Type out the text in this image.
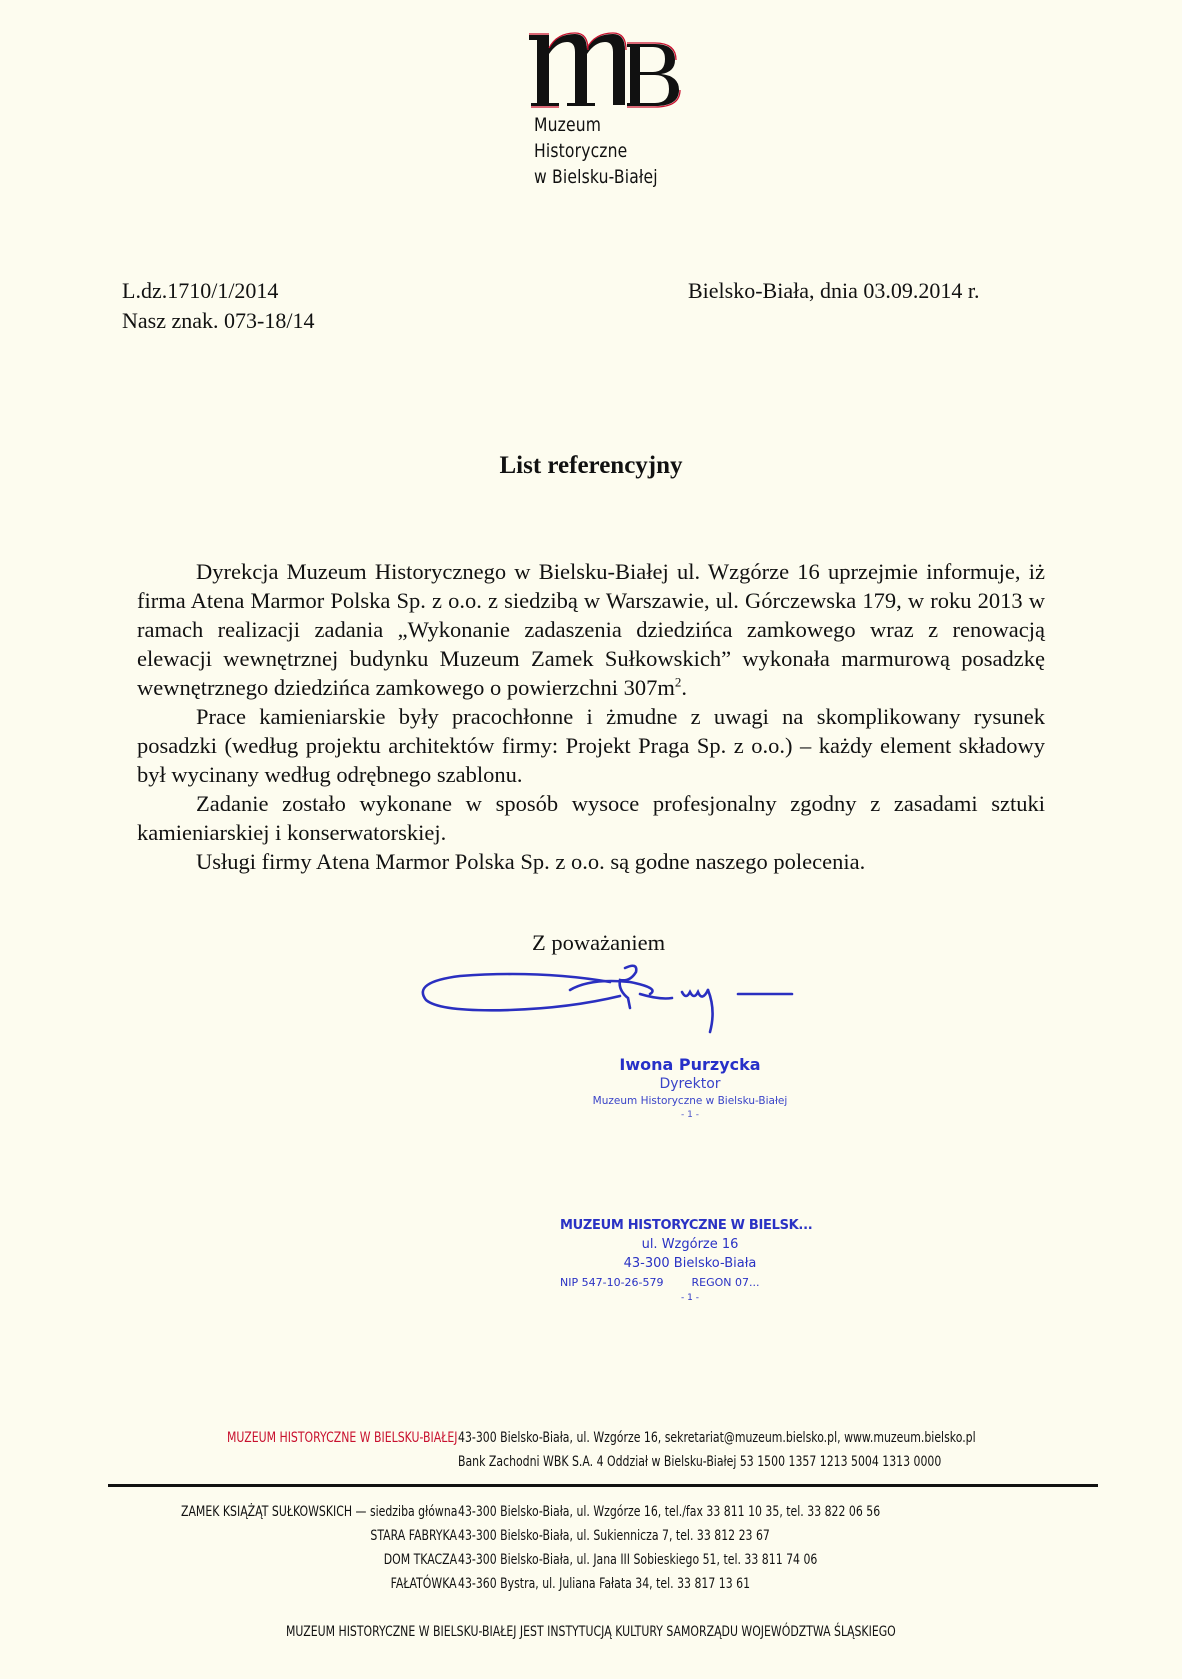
Muzeum
Historyczne
w Bielsku-Białej
L.dz.1710/1/2014
Nasz znak. 073-18/14
Bielsko-Biała, dnia 03.09.2014 r.
List referencyjny

Dyrekcja Muzeum Historycznego w Bielsku-Białej ul. Wzgórze 16 uprzejmie informuje, iż firma Atena Marmor Polska Sp. z o.o. z siedzibą w Warszawie, ul. Górczewska 179, w roku 2013 w ramach realizacji zadania „Wykonanie zadaszenia dziedzińca zamkowego wraz z renowacją elewacji wewnętrznej budynku Muzeum Zamek Sułkowskich” wykonała marmurową posadzkę wewnętrznego dziedzińca zamkowego o powierzchni $307m^2$.

Prace kamieniarskie były pracochłonne i żmudne z uwagi na skomplikowany rysunek posadzki (według projektu architektów firmy: Projekt Praga Sp. z o.o.) – każdy element składowy był wycinany według odrębnego szablonu.

Zadanie zostało wykonane w sposób wysoce profesjonalny zgodny z zasadami sztuki kamieniarskiej i konserwatorskiej.

Usługi firmy Atena Marmor Polska Sp. z o.o. są godne naszego polecenia.

Z poważaniem
Iwona Purzycka
Dyrektor
Muzeum Historyczne w Bielsku-Białej
- 1 -
MUZEUM HISTORYCZNE W BIELSK...
ul. Wzgórze 16
43-300 Bielsko-Biała
NIP 547-10-26-579	REGON 07...
- 1 -
MUZEUM HISTORYCZNE W BIELSKU-BIAŁEJ 43-300 Bielsko-Biała, ul. Wzgórze 16, sekretariat@muzeum.bielsko.pl, www.muzeum.bielsko.pl
Bank Zachodni WBK S.A. 4 Oddział w Bielsku-Białej 53 1500 1357 1213 5004 1313 0000
ZAMEK KSIĄŻĄT SUŁKOWSKICH — siedziba główna 43-300 Bielsko-Biała, ul. Wzgórze 16, tel./fax 33 811 10 35, tel. 33 822 06 56
STARA FABRYKA 43-300 Bielsko-Biała, ul. Sukiennicza 7, tel. 33 812 23 67
DOM TKACZA 43-300 Bielsko-Biała, ul. Jana III Sobieskiego 51, tel. 33 811 74 06
FAŁATÓWKA 43-360 Bystra, ul. Juliana Fałata 34, tel. 33 817 13 61
MUZEUM HISTORYCZNE W BIELSKU-BIAŁEJ JEST INSTYTUCJĄ KULTURY SAMORZĄDU WOJEWÓDZTWA ŚLĄSKIEGO
